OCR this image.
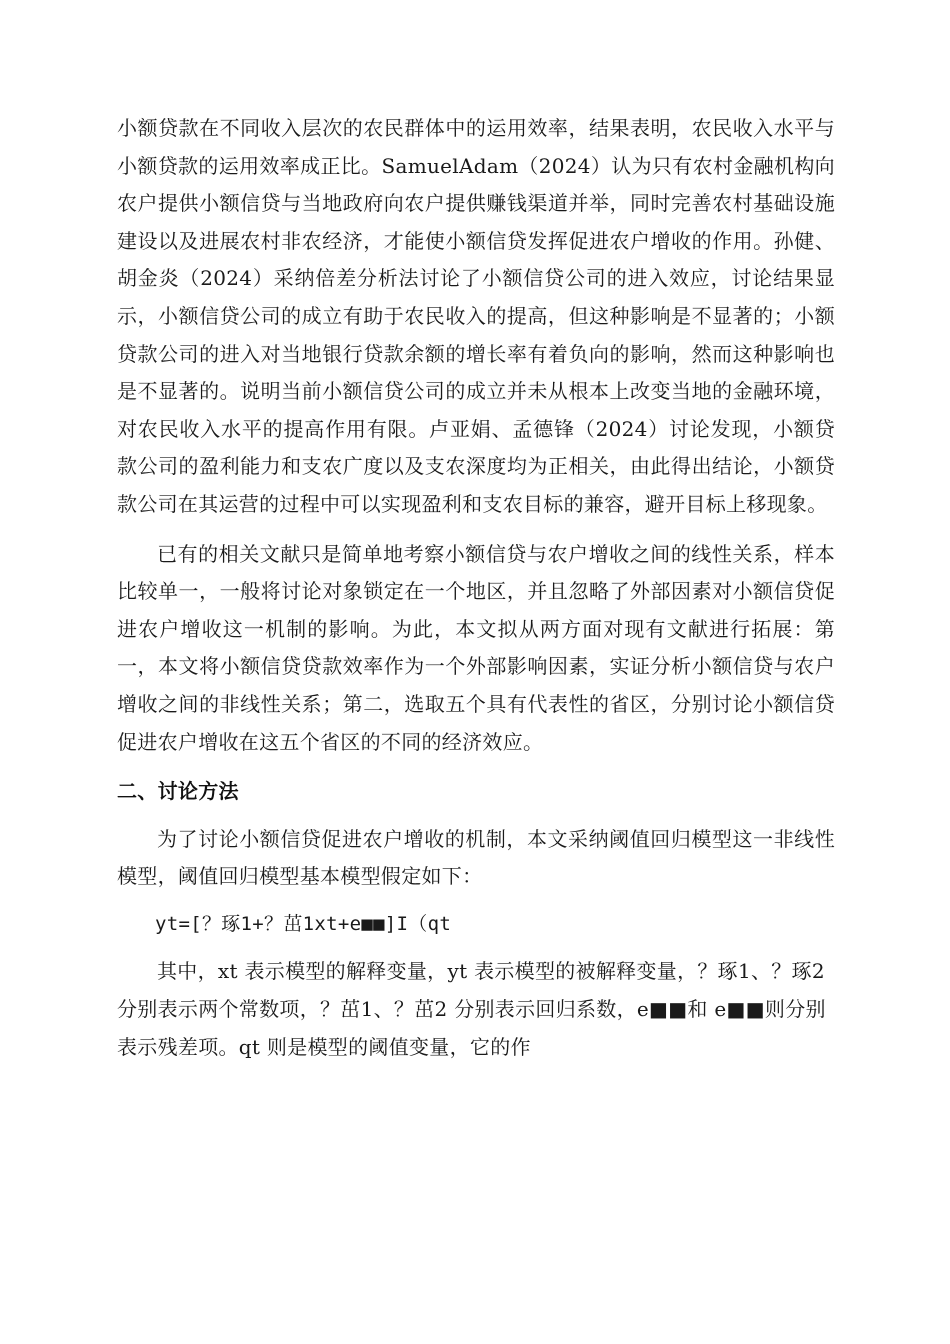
小额贷款在不同收入层次的农民群体中的运用效率，结果表明，农民收入水平与小额贷款的运用效率成正比。SamuelAdam（2024）认为只有农村金融机构向农户提供小额信贷与当地政府向农户提供赚钱渠道并举，同时完善农村基础设施建设以及进展农村非农经济，才能使小额信贷发挥促进农户增收的作用。孙健、胡金炎（2024）采纳倍差分析法讨论了小额信贷公司的进入效应，讨论结果显示，小额信贷公司的成立有助于农民收入的提高，但这种影响是不显著的；小额贷款公司的进入对当地银行贷款余额的增长率有着负向的影响，然而这种影响也是不显著的。说明当前小额信贷公司的成立并未从根本上改变当地的金融环境，对农民收入水平的提高作用有限。卢亚娟、孟德锋（2024）讨论发现，小额贷款公司的盈利能力和支农广度以及支农深度均为正相关，由此得出结论，小额贷款公司在其运营的过程中可以实现盈利和支农目标的兼容，避开目标上移现象。

已有的相关文献只是简单地考察小额信贷与农户增收之间的线性关系，样本比较单一，一般将讨论对象锁定在一个地区，并且忽略了外部因素对小额信贷促进农户增收这一机制的影响。为此，本文拟从两方面对现有文献进行拓展：第一，本文将小额信贷贷款效率作为一个外部影响因素，实证分析小额信贷与农户增收之间的非线性关系；第二，选取五个具有代表性的省区，分别讨论小额信贷促进农户增收在这五个省区的不同的经济效应。

二、讨论方法

为了讨论小额信贷促进农户增收的机制，本文采纳阈值回归模型这一非线性模型，阈值回归模型基本模型假定如下：

yt=[？琢1+？茁1xt+e■■]I（qt

其中，xt 表示模型的解释变量，yt 表示模型的被解释变量，？琢1、？琢2 分别表示两个常数项，？茁1、？茁2 分别表示回归系数，e■■和 e■■则分别表示残差项。qt 则是模型的阈值变量，它的作
